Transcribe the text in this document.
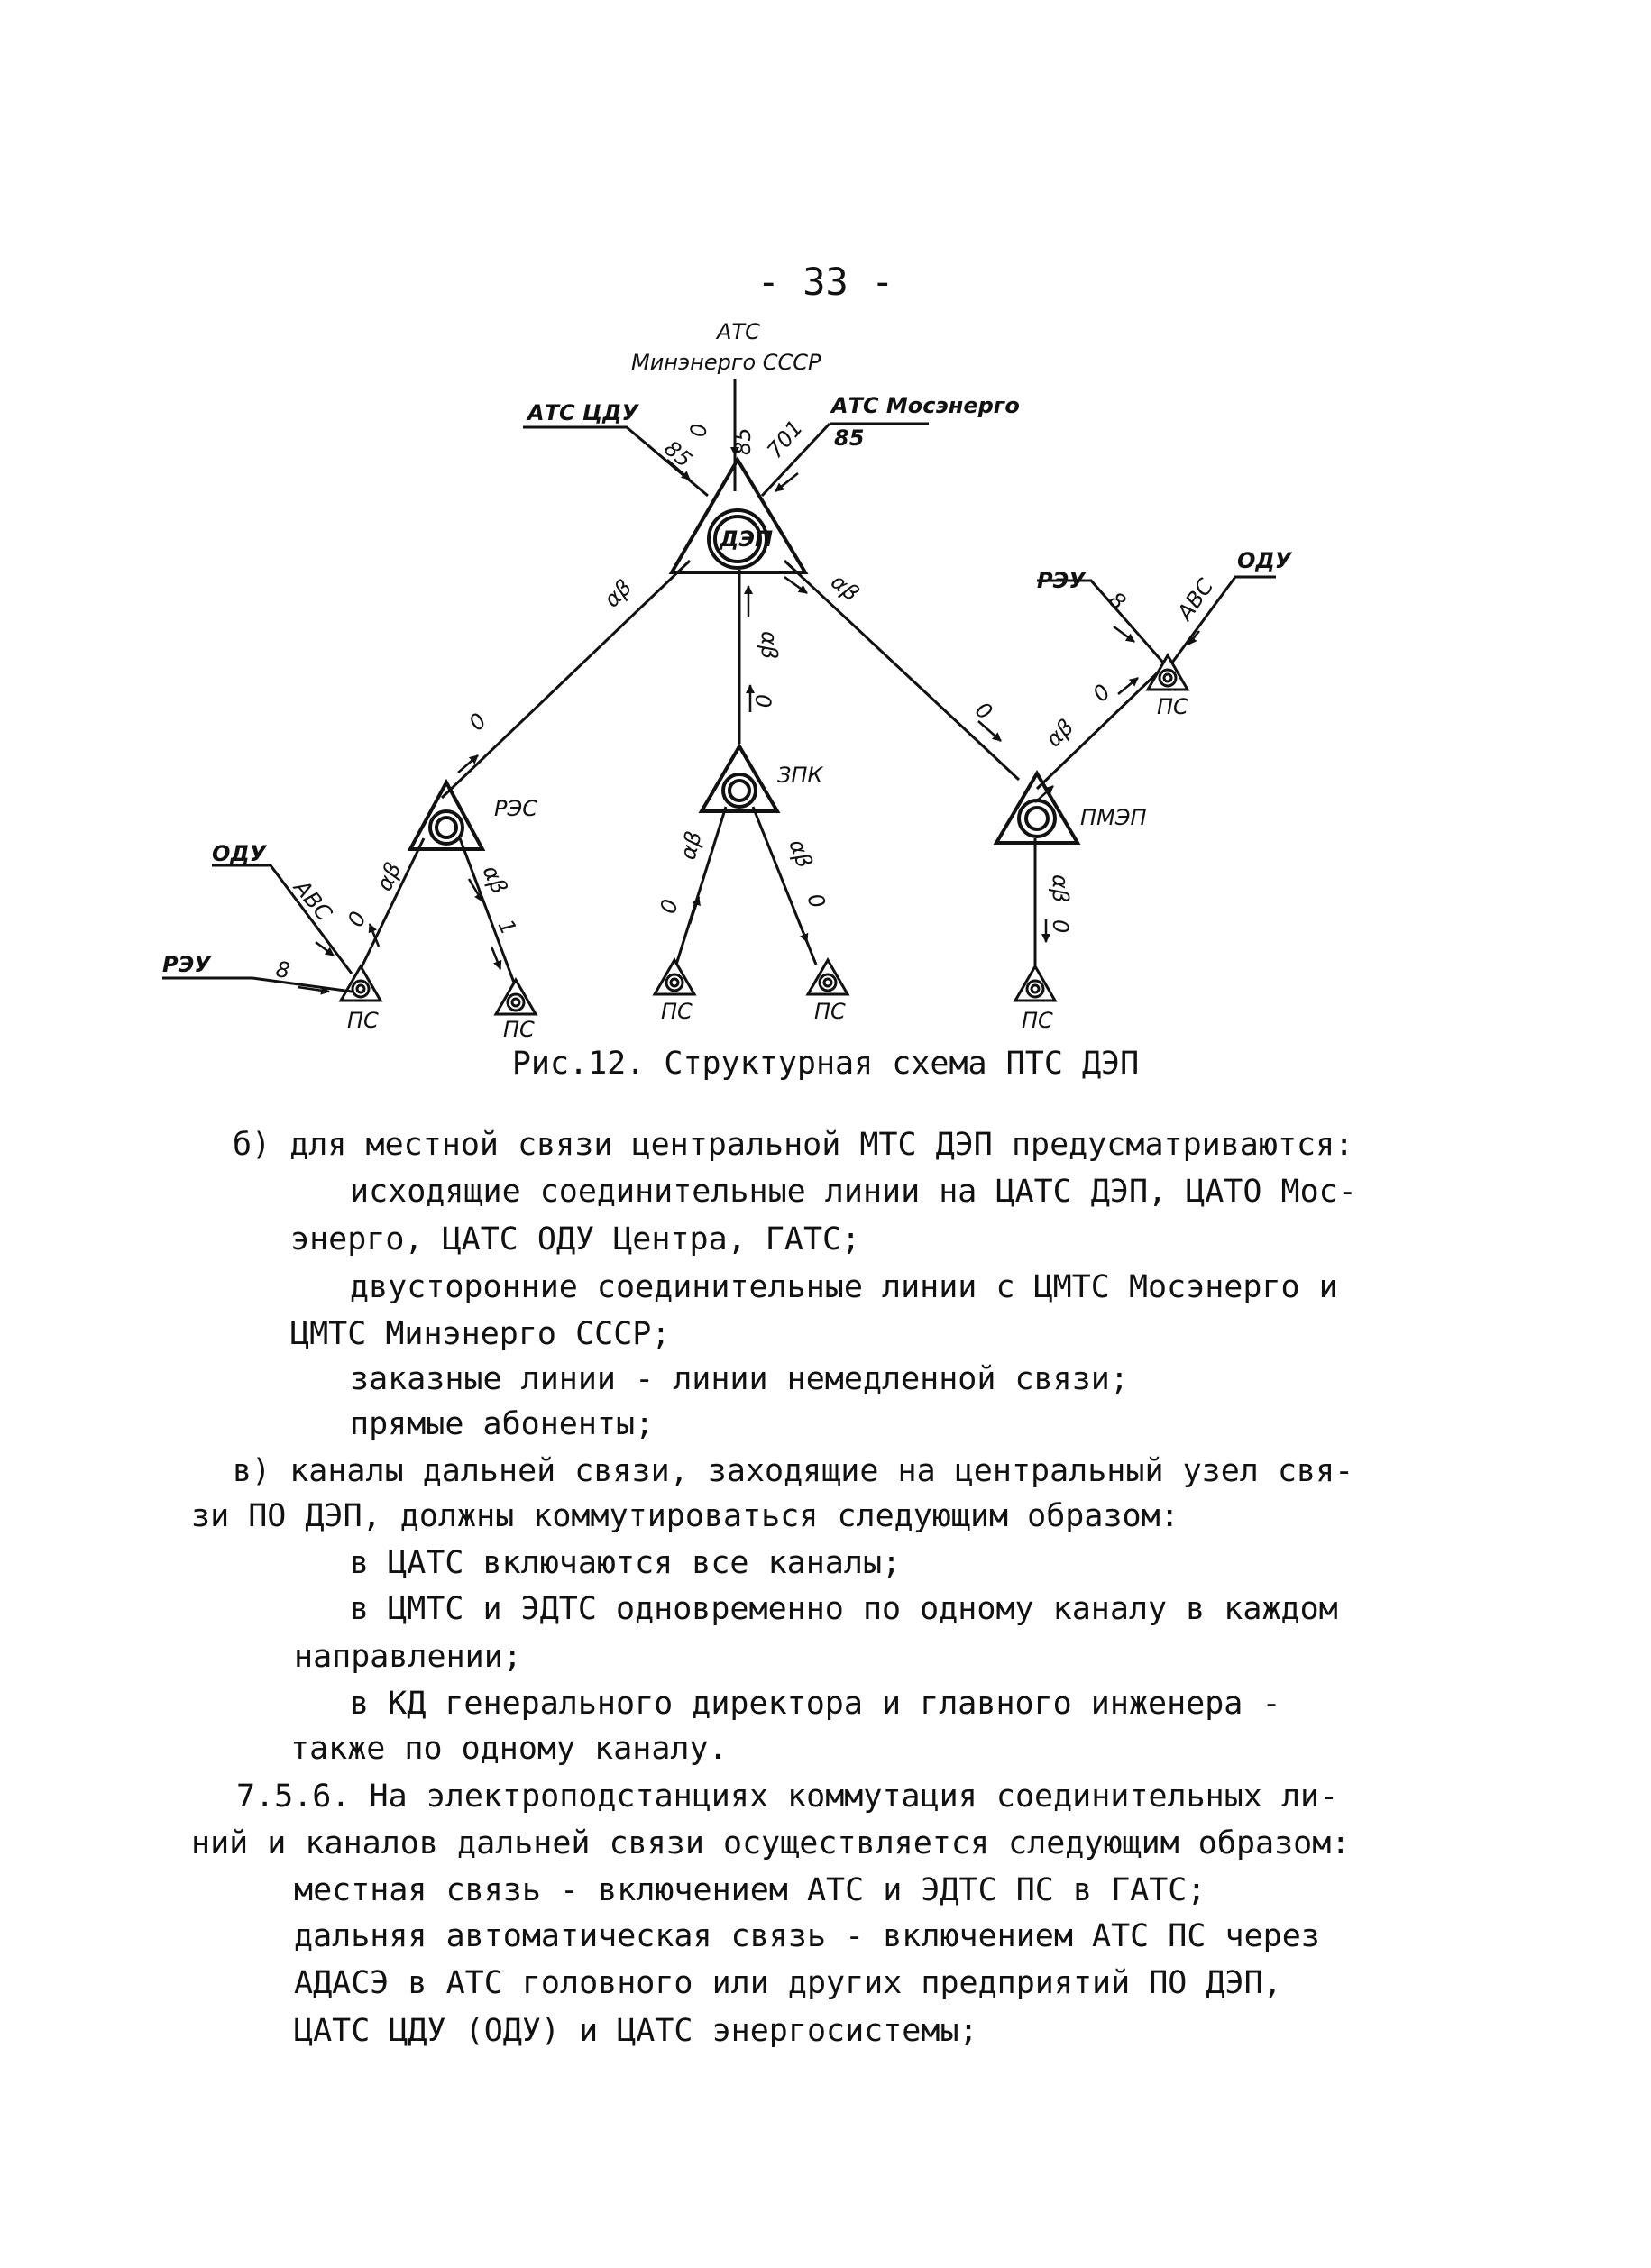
- 33 -
АТС
Минэнерго СССР
АТС ЦДУ	АТС Мосэнерго
85
ДЭП
РЭС
ЗПК
ПМЭП
ОДУ
РЭУ
РЭУ
ОДУ
ПС
ПС	ПС
ПС	ПС	ПС
0 85
85	701
αβ
αβ
αβ
0
0	0
αβ
0
8 АВС
αβ
0
αβ
1
αβ
0
αβ
0	αβ
0
АВС
8
Рис.12. Структурная схема ПТС ДЭП
б) для местной связи центральной МТС ДЭП предусматриваются:
исходящие соединительные линии на ЦАТС ДЭП, ЦАТО Мос-
энерго, ЦАТС ОДУ Центра, ГАТС;
двусторонние соединительные линии с ЦМТС Мосэнерго и
ЦМТС Минэнерго СССР;
заказные линии - линии немедленной связи;
прямые абоненты;
в) каналы дальней связи, заходящие на центральный узел свя-
зи ПО ДЭП, должны коммутироваться следующим образом:
в ЦАТС включаются все каналы;
в ЦМТС и ЭДТС одновременно по одному каналу в каждом
направлении;
в КД генерального директора и главного инженера -
также по одному каналу.
7.5.6. На электроподстанциях коммутация соединительных ли-
ний и каналов дальней связи осуществляется следующим образом:
местная связь - включением АТС и ЭДТС ПС в ГАТС;
дальняя автоматическая связь - включением АТС ПС через
АДАСЭ в АТС головного или других предприятий ПО ДЭП,
ЦАТС ЦДУ (ОДУ) и ЦАТС энергосистемы;
